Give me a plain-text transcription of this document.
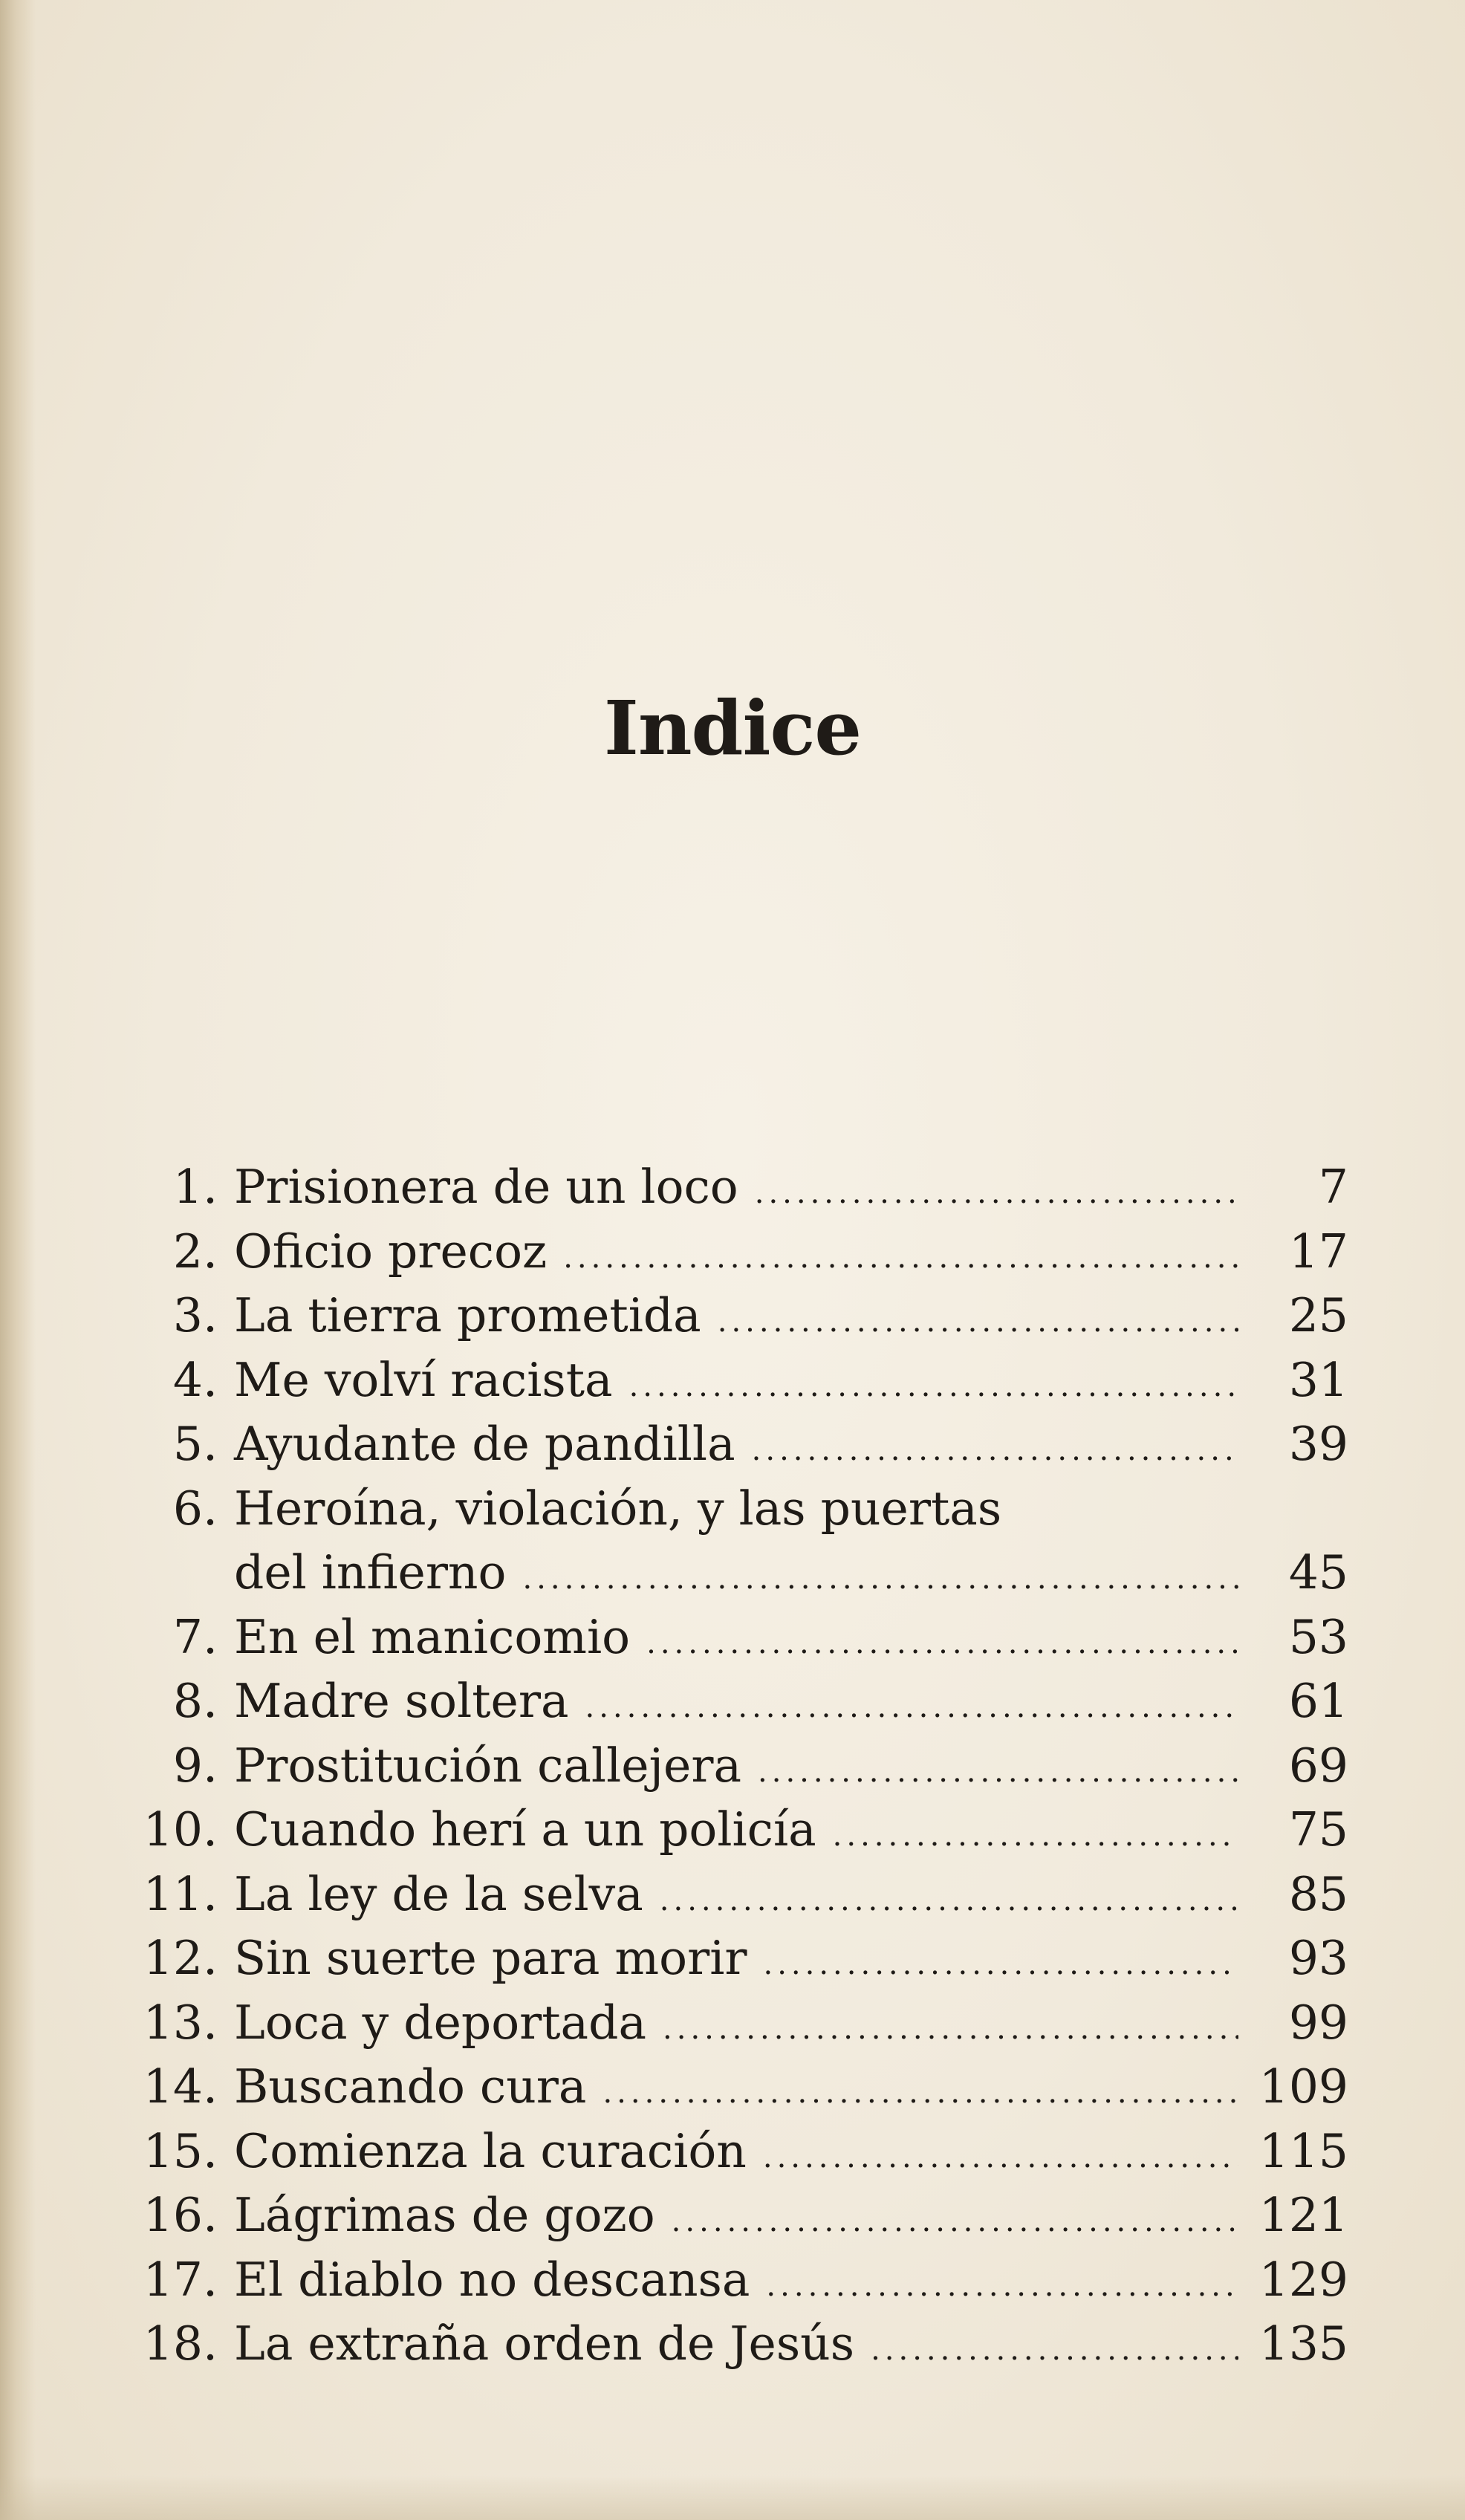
Indice
1. Prisionera de un loco .....	7
2. Oficio precoz .....	17
3. La tierra prometida .....	25
4. Me volví racista .....	31
5. Ayudante de pandilla .....	39
6. Heroína, violación, y las puertas
del infierno .....	45
7. En el manicomio .....	53
8. Madre soltera .....	61
9. Prostitución callejera .....	69
10. Cuando herí a un policía .....	75
11. La ley de la selva .....	85
12. Sin suerte para morir .....	93
13. Loca y deportada .....	99
14. Buscando cura .....	109
15. Comienza la curación .....	115
16. Lágrimas de gozo .....	121
17. El diablo no descansa .....	129
18. La extraña orden de Jesús .....	135
